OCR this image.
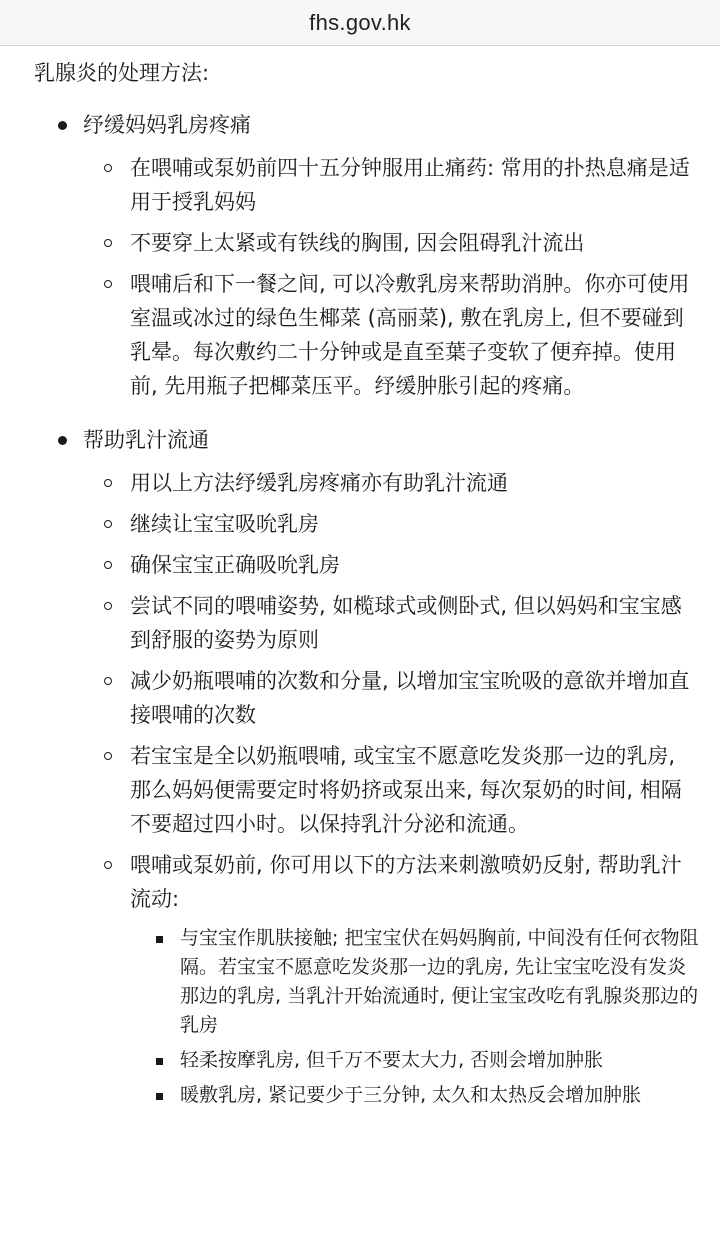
fhs.gov.hk
乳腺炎的处理方法:
纾缓妈妈乳房疼痛
在喂哺或泵奶前四十五分钟服用止痛药: 常用的扑热息痛是适用于授乳妈妈
不要穿上太紧或有铁线的胸围, 因会阻碍乳汁流出
喂哺后和下一餐之间, 可以冷敷乳房来帮助消肿。你亦可使用室温或冰过的绿色生椰菜 (高丽菜), 敷在乳房上, 但不要碰到乳晕。每次敷约二十分钟或是直至葉子变软了便弃掉。使用前, 先用瓶子把椰菜压平。纾缓肿胀引起的疼痛。
帮助乳汁流通
用以上方法纾缓乳房疼痛亦有助乳汁流通
继续让宝宝吸吮乳房
确保宝宝正确吸吮乳房
尝试不同的喂哺姿势, 如榄球式或侧卧式, 但以妈妈和宝宝感到舒服的姿势为原则
减少奶瓶喂哺的次数和分量, 以增加宝宝吮吸的意欲并增加直接喂哺的次数
若宝宝是全以奶瓶喂哺, 或宝宝不愿意吃发炎那一边的乳房, 那么妈妈便需要定时将奶挤或泵出来, 每次泵奶的时间, 相隔不要超过四小时。以保持乳汁分泌和流通。
喂哺或泵奶前, 你可用以下的方法来刺激喷奶反射, 帮助乳汁流动:
与宝宝作肌肤接触; 把宝宝伏在妈妈胸前, 中间没有任何衣物阻隔。若宝宝不愿意吃发炎那一边的乳房, 先让宝宝吃没有发炎那边的乳房, 当乳汁开始流通时, 便让宝宝改吃有乳腺炎那边的乳房
轻柔按摩乳房, 但千万不要太大力, 否则会增加肿胀
暖敷乳房, 紧记要少于三分钟, 太久和太热反会增加肿胀
